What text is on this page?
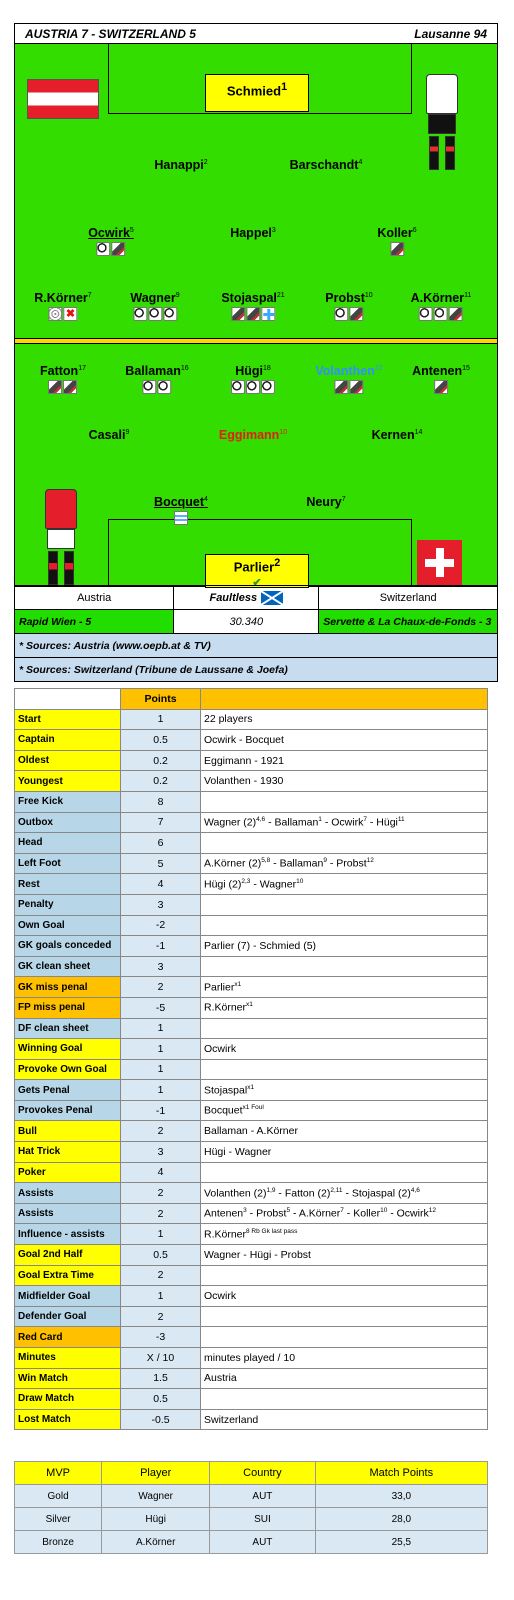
AUSTRIA 7 - SWITZERLAND 5	Lausanne 94
Schmied$^1$
Hanappi$^2$	Barschandt$^4$
Ocwirk$^5$	Happel$^3$	Koller$^6$
R.Körner$^7$
✖
Wagner$^9$	Stojaspal$^{21}$	Probst$^{10}$	A.Körner$^{11}$
Fatton$^{17}$	Ballaman$^{16}$	Hügi$^{18}$	Volanthen$^{22}$ Antenen$^{15}$
Casali$^9$	Eggimann$^{10}$	Kernen$^{14}$
Bocquet$^4$	Neury$^7$
Parlier$^2$
✔
Austria	Faultless	Switzerland
Rapid Wien - 5	30.340	Servette & La Chaux-de-Fonds - 3
* Sources: Austria (www.oepb.at & TV)		
* Sources: Switzerland (Tribune de Laussane & Joefa)		
	Points	
Start	1	22 players
Captain	0.5	Ocwirk - Bocquet
Oldest	0.2	Eggimann - 1921
Youngest	0.2	Volanthen - 1930
Free Kick	8	
Outbox	7	Wagner $(2)^{4,6}$ - Ballaman$^1$ - Ocwirk$^7$ - Hügi$^{11}$
Head	6	
Left Foot	5	A.Körner $(2)^{5,8}$ - Ballaman$^9$ - Probst$^{12}$
Rest	4	Hügi $(2)^{2,3}$ - Wagner$^{10}$
Penalty	3	
Own Goal	-2	
GK goals conceded	-1	Parlier (7) - Schmied (5)
GK clean sheet	3	
GK miss penal	2	Parlier$^{x1}$
FP miss penal	-5	R.Körner$^{x1}$
DF clean sheet	1	
Winning Goal	1	Ocwirk
Provoke Own Goal	1	
Gets Penal	1	Stojaspal$^{x1}$
Provokes Penal	-1	Bocquet$^{x1 Foul}$
Bull	2	Ballaman - A.Körner
Hat Trick	3	Hügi - Wagner
Poker	4	
Assists	2	Volanthen $(2)^{1,9}$ - Fatton $(2)^{2,11}$ - Stojaspal $(2)^{4,6}$
Assists	2	Antenen$^3$ - Probst$^5$ - A.Körner$^7$ - Koller$^{10}$ - Ocwirk$^{12}$
Influence - assists	1	R.Körner$^{8 Rb Gk last pass}$
Goal 2nd Half	0.5	Wagner - Hügi - Probst
Goal Extra Time	2	
Midfielder Goal	1	Ocwirk
Defender Goal	2	
Red Card	-3	
Minutes	X / 10	minutes played / 10
Win Match	1.5	Austria
Draw Match	0.5	
Lost Match	-0.5	Switzerland
MVP	Player	Country	Match Points
Gold	Wagner	AUT	33,0
Silver	Hügi	SUI	28,0
Bronze	A.Körner	AUT	25,5
